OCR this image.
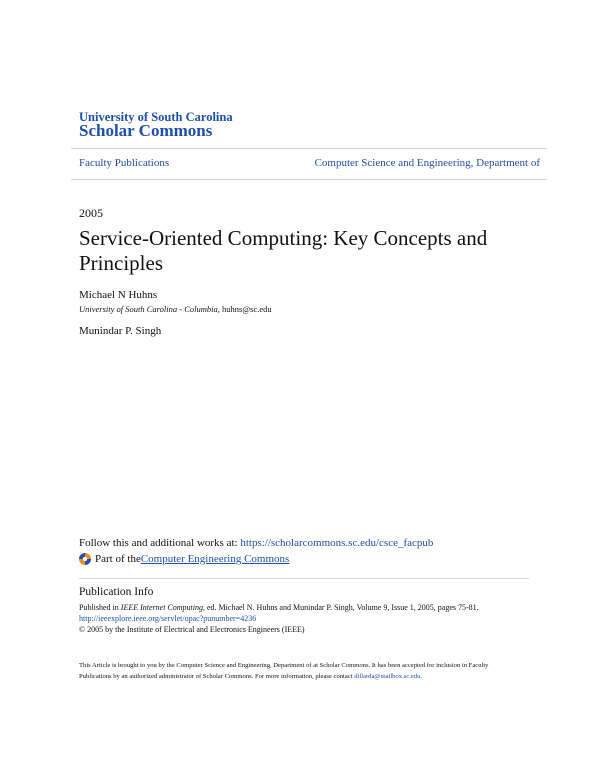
University of South Carolina
Scholar Commons
Faculty Publications	Computer Science and Engineering, Department of
2005
Service-Oriented Computing: Key Concepts and Principles
Michael N Huhns
University of South Carolina - Columbia, huhns@sc.edu
Munindar P. Singh
Follow this and additional works at: https://scholarcommons.sc.edu/csce_facpub
Part of the Computer Engineering Commons
Publication Info
Published in IEEE Internet Computing, ed. Michael N. Huhns and Munindar P. Singh, Volume 9, Issue 1, 2005, pages 75-81.
http://ieeexplore.ieee.org/servlet/opac?punumber=4236
© 2005 by the Institute of Electrical and Electronics Engineers (IEEE)
This Article is brought to you by the Computer Science and Engineering, Department of at Scholar Commons. It has been accepted for inclusion in Faculty Publications by an authorized administrator of Scholar Commons. For more information, please contact dillarda@mailbox.sc.edu.
